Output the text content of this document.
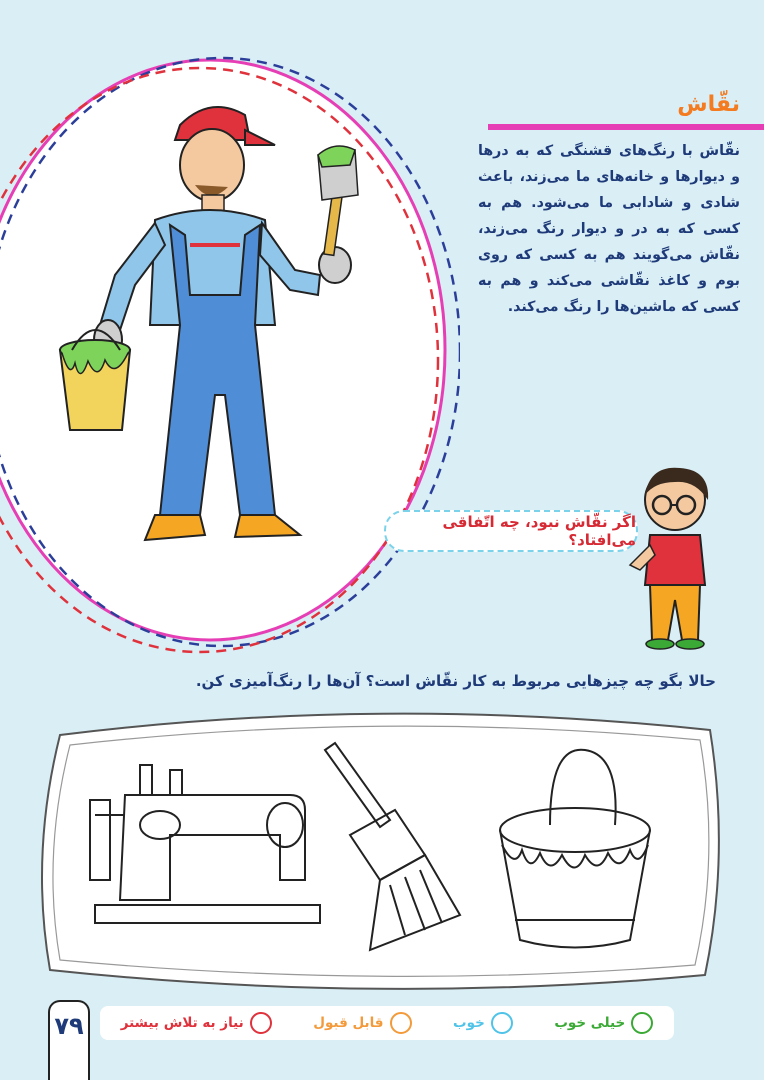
نقّاش
نقّاش با رنگ‌های قشنگی که به درها و دیوارها و خانه‌های ما می‌زند، باعث شادی و شادابی ما می‌شود. هم به کسی که به در و دیوار رنگ می‌زند، نقّاش می‌گویند هم به کسی که روی بوم و کاغذ نقّاشی می‌کند و هم به کسی که ماشین‌ها را رنگ می‌کند.
اگر نقّاش نبود، چه اتّفاقی می‌افتاد؟
حالا بگو چه چیزهایی مربوط به کار نقّاش است؟ آن‌ها را رنگ‌آمیزی کن.
۷۹	خیلی خوب
خوب
قابل قبول
نیاز به تلاش بیشتر
